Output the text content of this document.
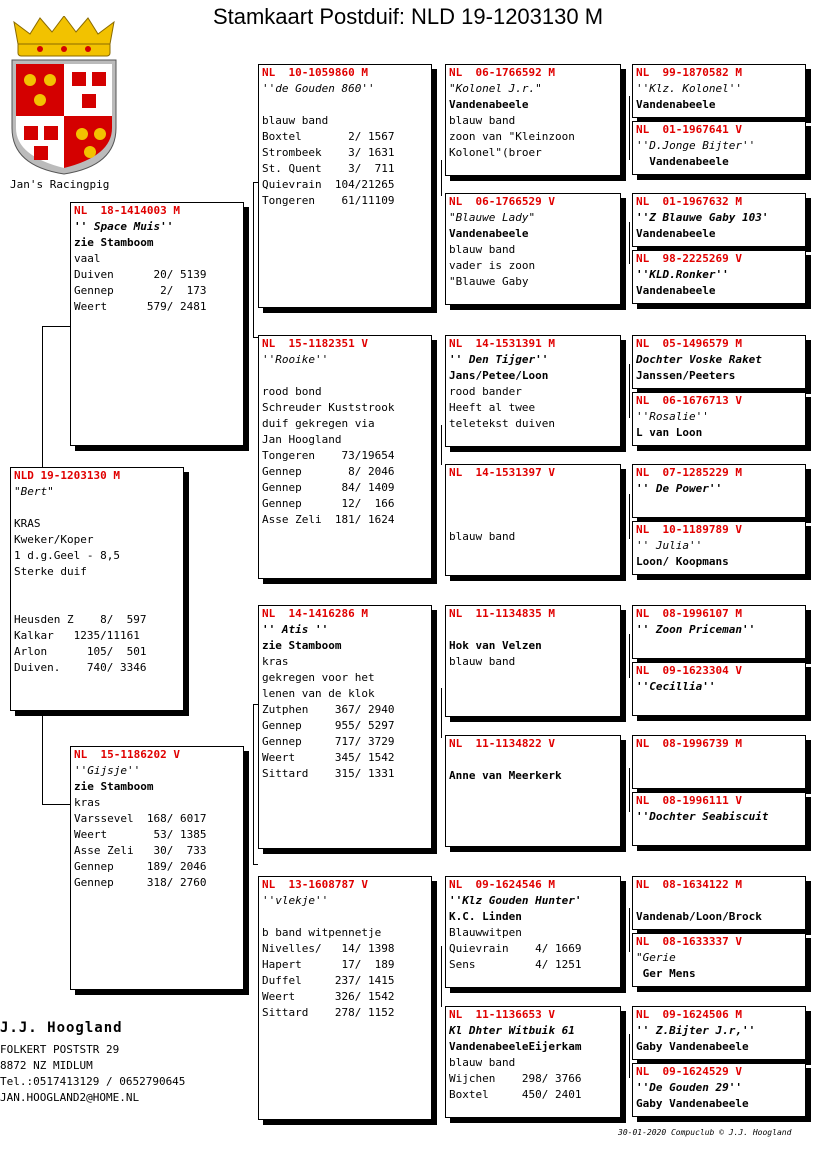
Stamkaart Postduif: NLD 19-1203130 M
Jan's Racingpig
NLD 19-1203130 M
"Bert"

KRAS
Kweker/Koper
1 d.g.Geel - 8,5
Sterke duif

Heusden Z    8/  597
Kalkar   1235/11161
Arlon      105/  501
Duiven.    740/ 3346
NL  18-1414003 M
'' Space Muis''
zie Stamboom
vaal
Duiven      20/ 5139
Gennep       2/  173
Weert      579/ 2481
NL  15-1186202 V
''Gijsje''
zie Stamboom
kras
Varssevel  168/ 6017
Weert       53/ 1385
Asse Zeli   30/  733
Gennep     189/ 2046
Gennep     318/ 2760
NL  10-1059860 M
''de Gouden 860''

blauw band
Boxtel       2/ 1567
Strombeek    3/ 1631
St. Quent    3/  711
Quievrain  104/21265
Tongeren    61/11109
NL  15-1182351 V
''Rooike''

rood bond
Schreuder Kuststrook
duif gekregen via
Jan Hoogland
Tongeren    73/19654
Gennep       8/ 2046
Gennep      84/ 1409
Gennep      12/  166
Asse Zeli  181/ 1624
NL  14-1416286 M
'' Atis ''
zie Stamboom
kras
gekregen voor het
lenen van de klok
Zutphen    367/ 2940
Gennep     955/ 5297
Gennep     717/ 3729
Weert      345/ 1542
Sittard    315/ 1331
NL  13-1608787 V
''vlekje''

b band witpennetje
Nivelles/   14/ 1398
Hapert      17/  189
Duffel     237/ 1415
Weert      326/ 1542
Sittard    278/ 1152
NL  06-1766592 M
"Kolonel J.r."
Vandenabeele
blauw band
zoon van "Kleinzoon
Kolonel"(broer
NL  06-1766529 V
"Blauwe Lady"
Vandenabeele
blauw band
vader is zoon
"Blauwe Gaby
NL  14-1531391 M
'' Den Tijger''
Jans/Petee/Loon
rood bander
Heeft al twee
teletekst duiven
NL  14-1531397 V

blauw band
NL  11-1134835 M

Hok van Velzen
blauw band
NL  11-1134822 V

Anne van Meerkerk
NL  09-1624546 M
''Klz Gouden Hunter'
K.C. Linden
Blauwwitpen
Quievrain    4/ 1669
Sens         4/ 1251
NL  11-1136653 V
Kl Dhter Witbuik 61
VandenabeeleEijerkam
blauw band
Wijchen    298/ 3766
Boxtel     450/ 2401
NL  99-1870582 M
''Klz. Kolonel''
Vandenabeele
NL  01-1967641 V
''D.Jonge Bijter''
Vandenabeele
NL  01-1967632 M
''Z Blauwe Gaby 103'
Vandenabeele
NL  98-2225269 V
''KLD.Ronker''
Vandenabeele
NL  05-1496579 M
Dochter Voske Raket
Janssen/Peeters
NL  06-1676713 V
''Rosalie''
L van Loon
NL  07-1285229 M
'' De Power''
NL  10-1189789 V
'' Julia''
Loon/ Koopmans
NL  08-1996107 M
'' Zoon Priceman''
NL  09-1623304 V
''Cecillia''
NL  08-1996739 M
NL  08-1996111 V
''Dochter Seabiscuit
NL  08-1634122 M

Vandenab/Loon/Brock
NL  08-1633337 V
"Gerie
Ger Mens
NL  09-1624506 M
'' Z.Bijter J.r,''
Gaby Vandenabeele
NL  09-1624529 V
''De Gouden 29''
Gaby Vandenabeele
J.J. Hoogland
FOLKERT POSTSTR 29
8872 NZ MIDLUM
Tel.:0517413129 / 0652790645
JAN.HOOGLAND2@HOME.NL
30-01-2020 Compuclub © J.J. Hoogland
